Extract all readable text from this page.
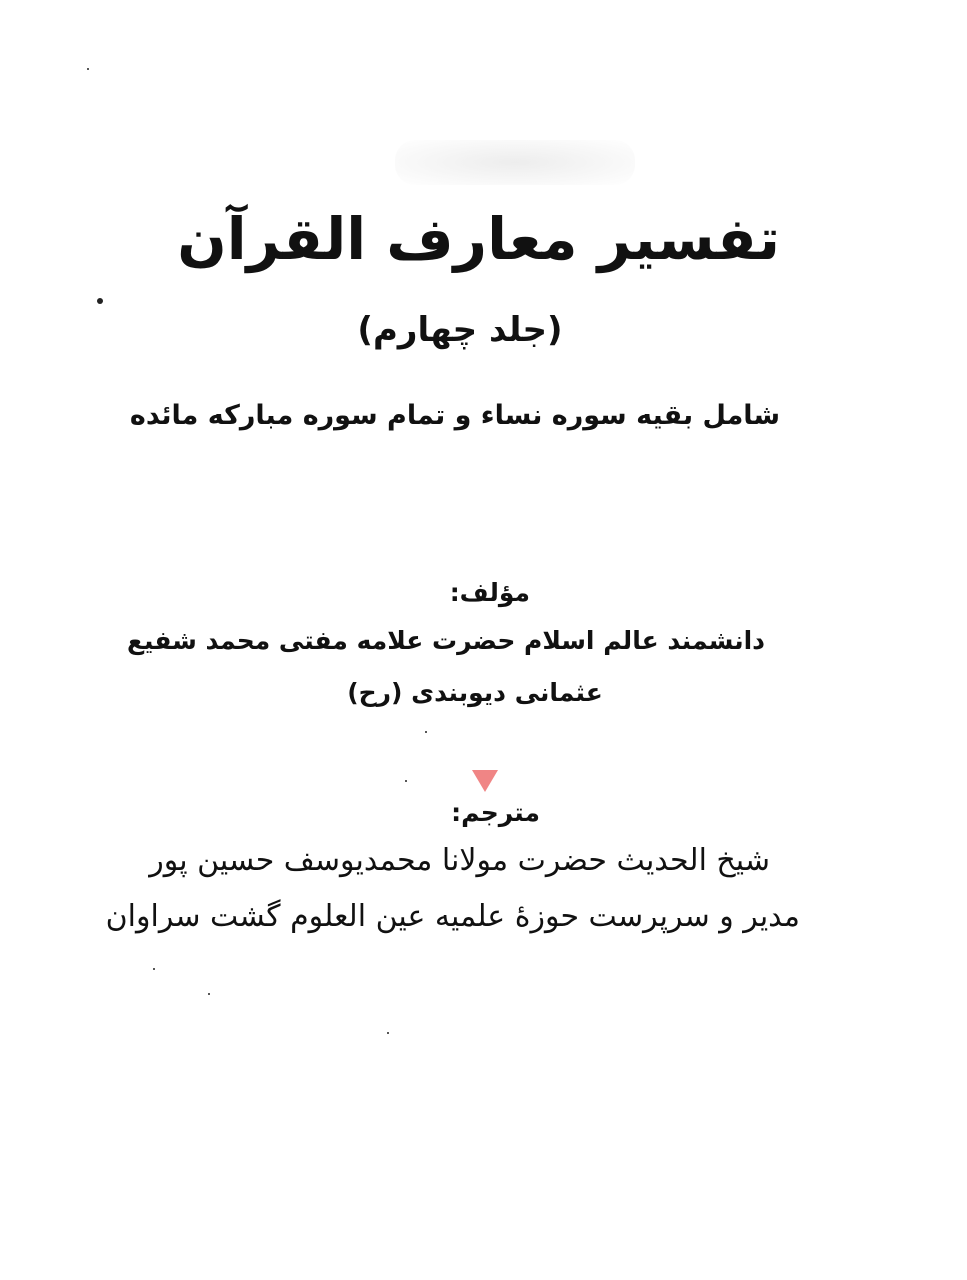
تفسیر معارف القرآن
(جلد چهارم)
شامل بقیه سوره نساء و تمام سوره مبارکه مائده
مؤلف:
دانشمند عالم اسلام حضرت علامه مفتی محمد شفیع
عثمانی دیوبندی (رح)
مترجم:
شیخ الحدیث حضرت مولانا محمدیوسف حسین پور
مدیر و سرپرست حوزهٔ علمیه عین العلوم گشت سراوان
